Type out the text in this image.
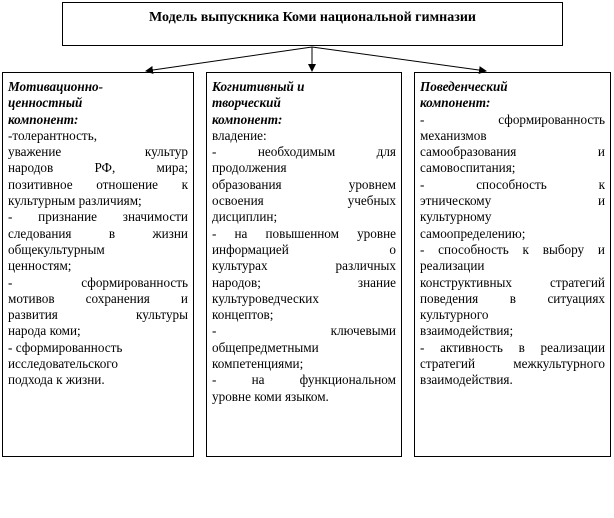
Модель выпускника Коми национальной гимназии
Мотивационно-
ценностный
компонент:
-толерантность,
уважение культур
народов РФ, мира;
позитивное отношение к
культурным различиям;
- признание значимости
следования в жизни
общекультурным
ценностям;
- сформированность
мотивов сохранения и
развития культуры
народа коми;
- сформированность
исследовательского
подхода к жизни.
Когнитивный и
творческий
компонент:
владение:
- необходимым для
продолжения
образования уровнем
освоения учебных
дисциплин;
- на повышенном уровне
информацией о
культурах различных
народов; знание
культуроведческих
концептов;
- ключевыми
общепредметными
компетенциями;
- на функциональном
уровне коми языком.
Поведенческий
компонент:
- сформированность
механизмов
самообразования и
самовоспитания;
- способность к
этническому и
культурному
самоопределению;
- способность к выбору и
реализации
конструктивных стратегий
поведения в ситуациях
культурного
взаимодействия;
- активность в реализации
стратегий межкультурного
взаимодействия.
